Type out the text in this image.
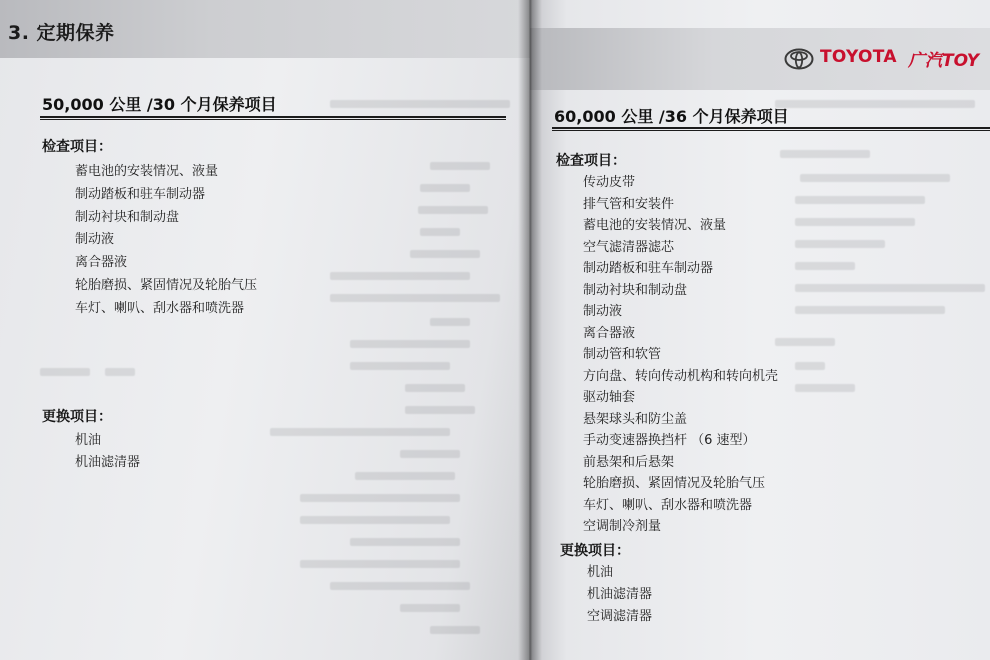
3. 定期保养
50,000 公里 /30 个月保养项目
检查项目：
蓄电池的安装情况、液量
制动踏板和驻车制动器
制动衬块和制动盘
制动液
离合器液
轮胎磨损、紧固情况及轮胎气压
车灯、喇叭、刮水器和喷洗器
更换项目：
机油
机油滤清器
TOYOTA 广汽TOY
60,000 公里 /36 个月保养项目
检查项目：
传动皮带
排气管和安装件
蓄电池的安装情况、液量
空气滤清器滤芯
制动踏板和驻车制动器
制动衬块和制动盘
制动液
离合器液
制动管和软管
方向盘、转向传动机构和转向机壳
驱动轴套
悬架球头和防尘盖
手动变速器换挡杆 （6 速型）
前悬架和后悬架
轮胎磨损、紧固情况及轮胎气压
车灯、喇叭、刮水器和喷洗器
空调制冷剂量
更换项目：
机油
机油滤清器
空调滤清器
